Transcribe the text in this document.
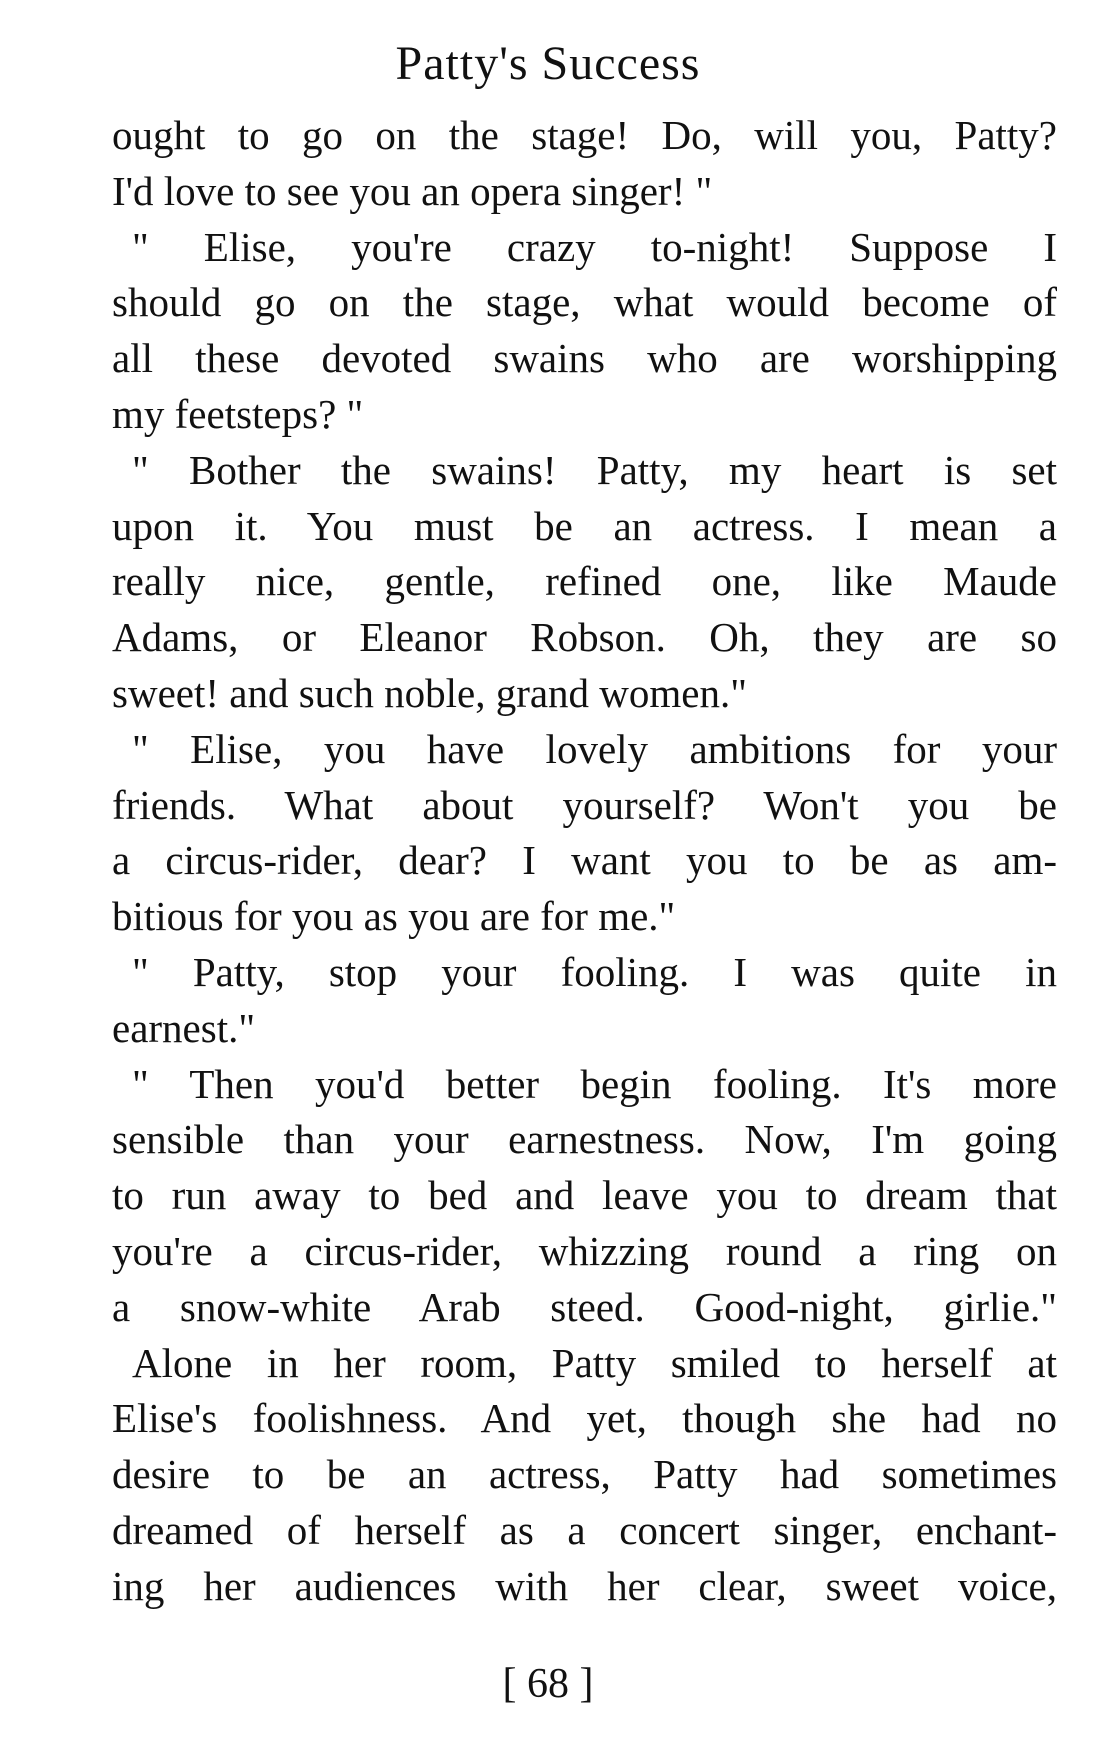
Patty's Success
ought to go on the stage! Do, will you, Patty?
I'd love to see you an opera singer! "
" Elise, you're crazy to-night! Suppose I
should go on the stage, what would become of
all these devoted swains who are worshipping
my feetsteps? "
" Bother the swains! Patty, my heart is set
upon it. You must be an actress. I mean a
really nice, gentle, refined one, like Maude
Adams, or Eleanor Robson. Oh, they are so
sweet! and such noble, grand women."
" Elise, you have lovely ambitions for your
friends. What about yourself? Won't you be
a circus-rider, dear? I want you to be as am-
bitious for you as you are for me."
" Patty, stop your fooling. I was quite in
earnest."
" Then you'd better begin fooling. It's more
sensible than your earnestness. Now, I'm going
to run away to bed and leave you to dream that
you're a circus-rider, whizzing round a ring on
a snow-white Arab steed. Good-night, girlie."
Alone in her room, Patty smiled to herself at
Elise's foolishness. And yet, though she had no
desire to be an actress, Patty had sometimes
dreamed of herself as a concert singer, enchant-
ing her audiences with her clear, sweet voice,
[ 68 ]
